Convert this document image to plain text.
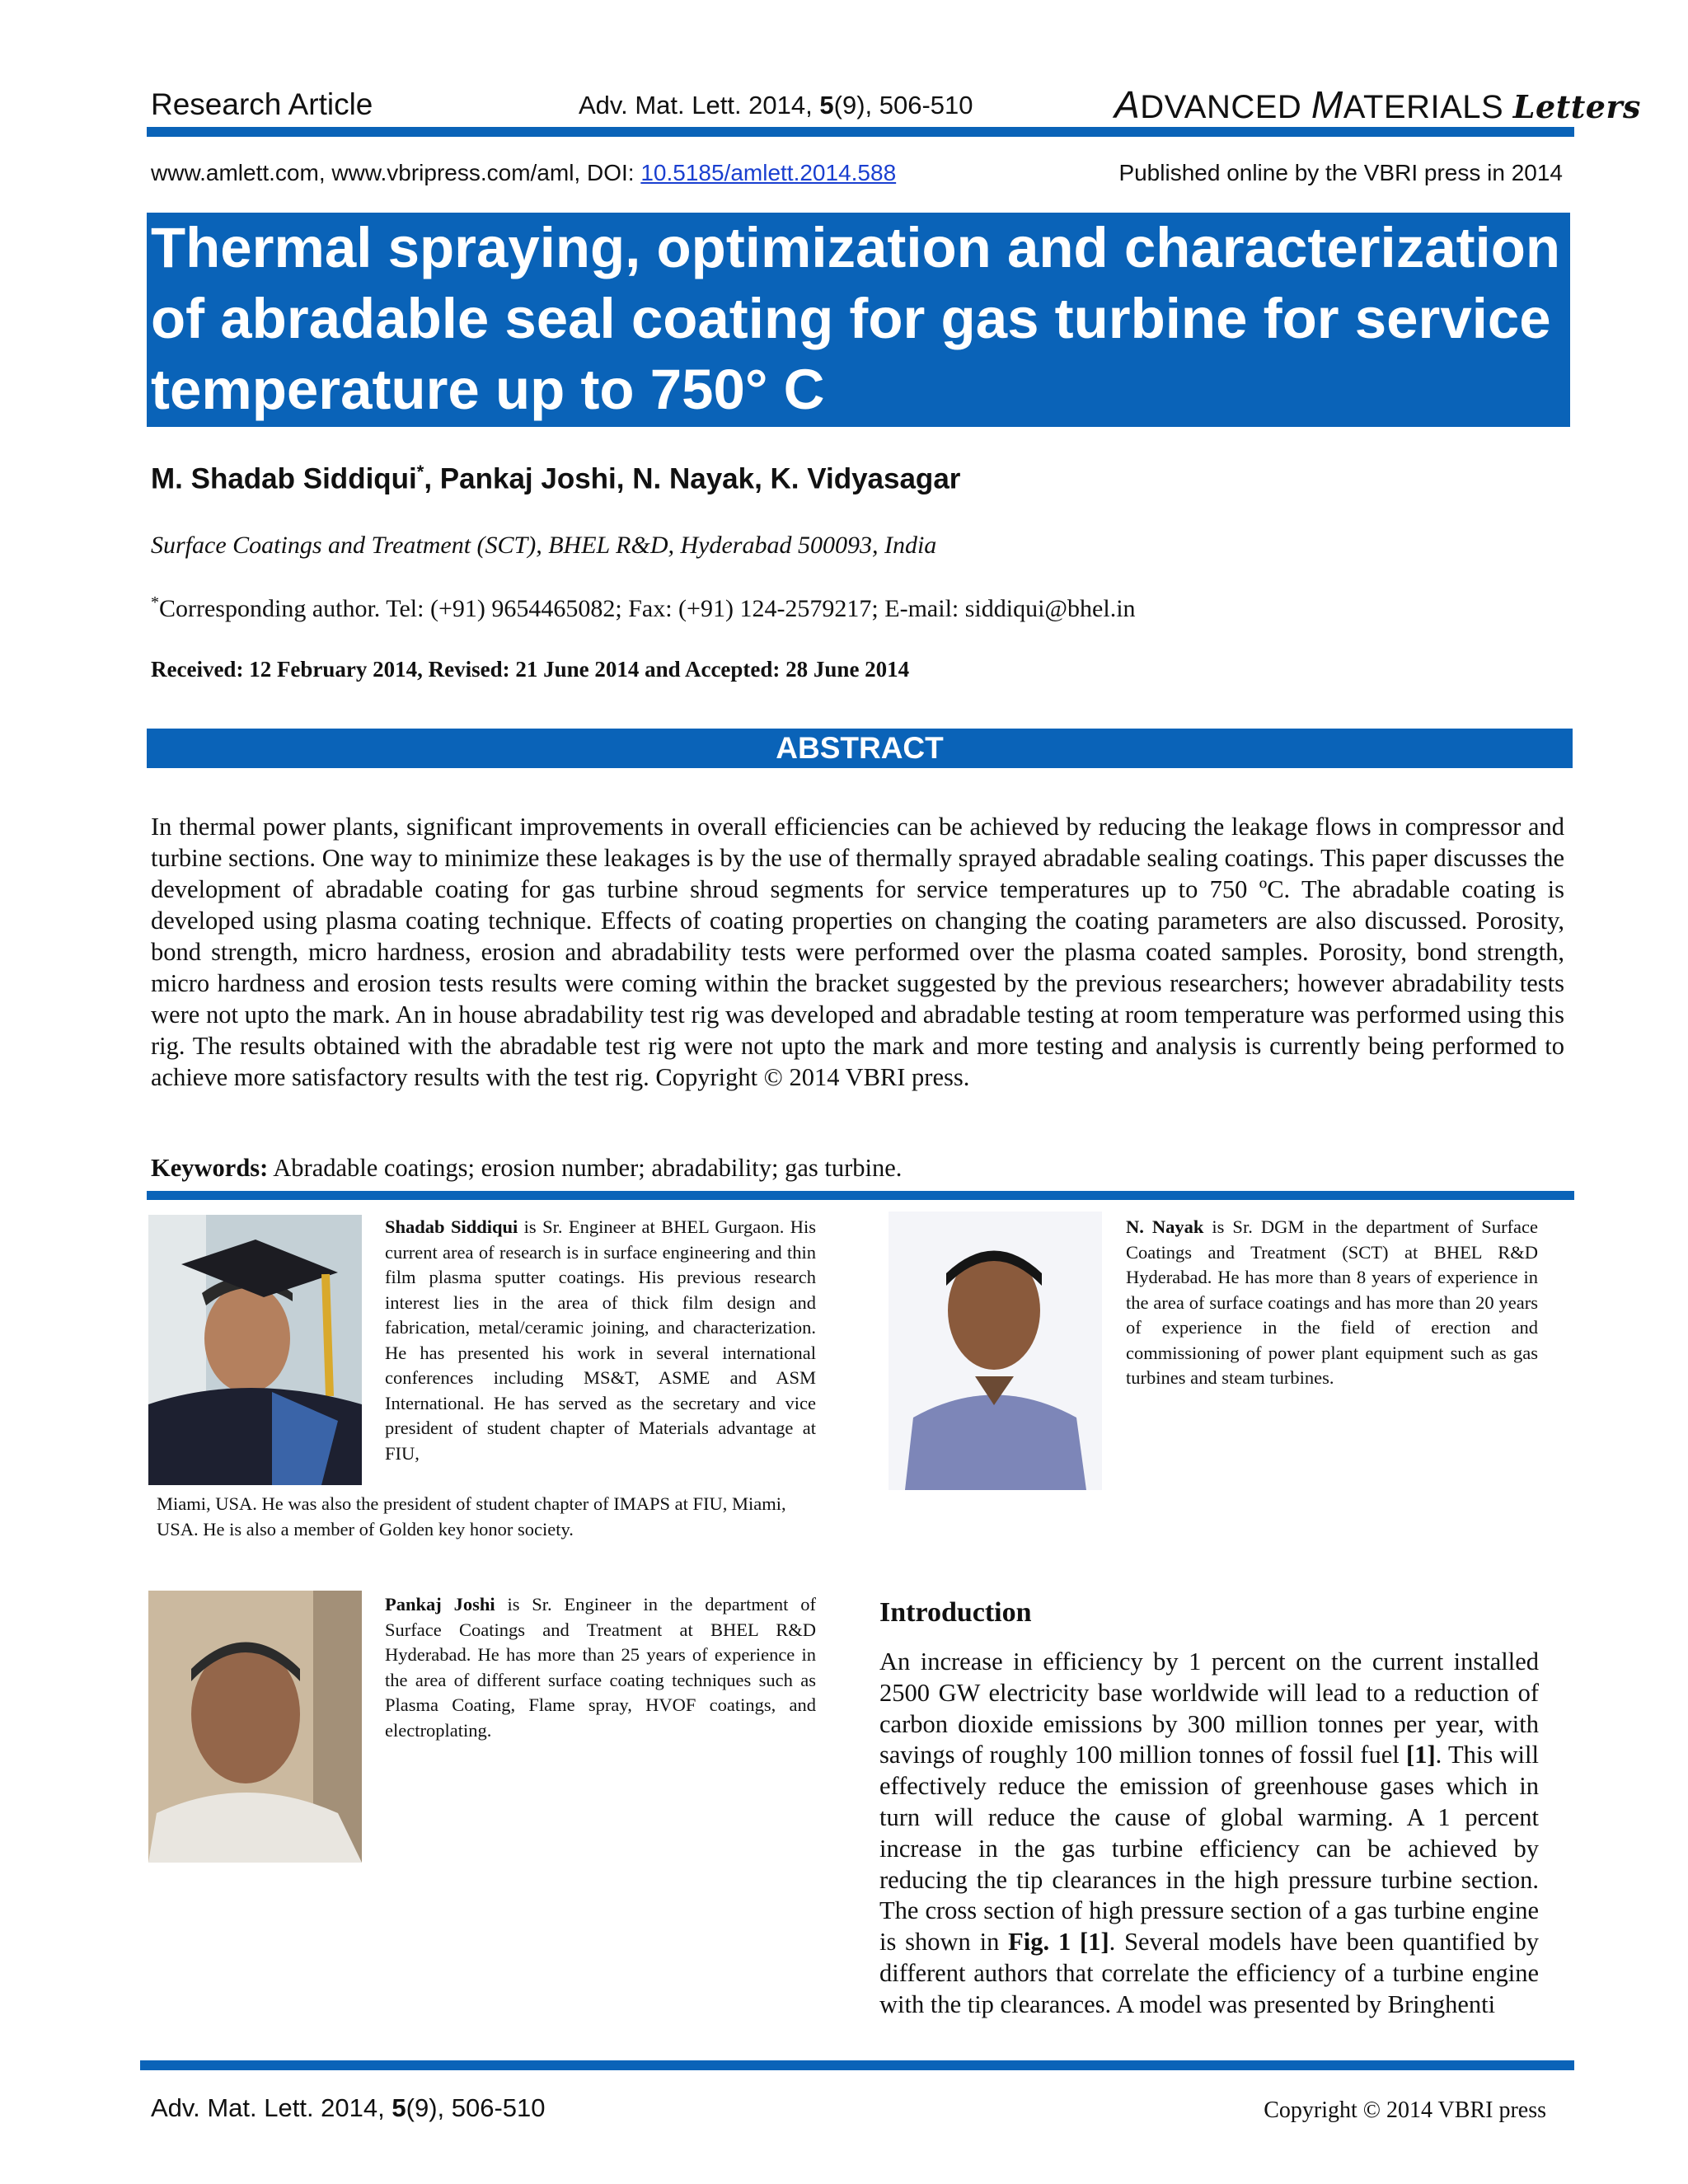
Research Article	Adv. Mat. Lett. 2014, 5(9), 506-510	ADVANCED MATERIALS Letters
www.amlett.com, www.vbripress.com/aml, DOI: 10.5185/amlett.2014.588	Published online by the VBRI press in 2014
Thermal spraying, optimization and characterization of abradable seal coating for gas turbine for service temperature up to 750° C
M. Shadab Siddiqui*, Pankaj Joshi, N. Nayak, K. Vidyasagar
Surface Coatings and Treatment (SCT), BHEL R&D, Hyderabad 500093, India
*Corresponding author. Tel: (+91) 9654465082; Fax: (+91) 124-2579217; E-mail: siddiqui@bhel.in
Received: 12 February 2014, Revised: 21 June 2014 and Accepted: 28 June 2014
ABSTRACT
In thermal power plants, significant improvements in overall efficiencies can be achieved by reducing the leakage flows in compressor and turbine sections. One way to minimize these leakages is by the use of thermally sprayed abradable sealing coatings. This paper discusses the development of abradable coating for gas turbine shroud segments for service temperatures up to 750 ºC. The abradable coating is developed using plasma coating technique. Effects of coating properties on changing the coating parameters are also discussed. Porosity, bond strength, micro hardness, erosion and abradability tests were performed over the plasma coated samples. Porosity, bond strength, micro hardness and erosion tests results were coming within the bracket suggested by the previous researchers; however abradability tests were not upto the mark. An in house abradability test rig was developed and abradable testing at room temperature was performed using this rig. The results obtained with the abradable test rig were not upto the mark and more testing and analysis is currently being performed to achieve more satisfactory results with the test rig. Copyright © 2014 VBRI press.
Keywords: Abradable coatings; erosion number; abradability; gas turbine.
Shadab Siddiqui is Sr. Engineer at BHEL Gurgaon. His current area of research is in surface engineering and thin film plasma sputter coatings. His previous research interest lies in the area of thick film design and fabrication, metal/ceramic joining, and characterization. He has presented his work in several international conferences including MS&T, ASME and ASM International. He has served as the secretary and vice president of student chapter of Materials advantage at FIU,
Miami, USA. He was also the president of student chapter of IMAPS at FIU, Miami, USA. He is also a member of Golden key honor society.
N. Nayak is Sr. DGM in the department of Surface Coatings and Treatment (SCT) at BHEL R&D Hyderabad. He has more than 8 years of experience in the area of surface coatings and has more than 20 years of experience in the field of erection and commissioning of power plant equipment such as gas turbines and steam turbines.
Pankaj Joshi is Sr. Engineer in the department of Surface Coatings and Treatment at BHEL R&D Hyderabad. He has more than 25 years of experience in the area of different surface coating techniques such as Plasma Coating, Flame spray, HVOF coatings, and electroplating.
Introduction
An increase in efficiency by 1 percent on the current installed 2500 GW electricity base worldwide will lead to a reduction of carbon dioxide emissions by 300 million tonnes per year, with savings of roughly 100 million tonnes of fossil fuel [1]. This will effectively reduce the emission of greenhouse gases which in turn will reduce the cause of global warming. A 1 percent increase in the gas turbine efficiency can be achieved by reducing the tip clearances in the high pressure turbine section. The cross section of high pressure section of a gas turbine engine is shown in Fig. 1 [1]. Several models have been quantified by different authors that correlate the efficiency of a turbine engine with the tip clearances. A model was presented by Bringhenti
Adv. Mat. Lett. 2014, 5(9), 506-510	Copyright © 2014 VBRI press
